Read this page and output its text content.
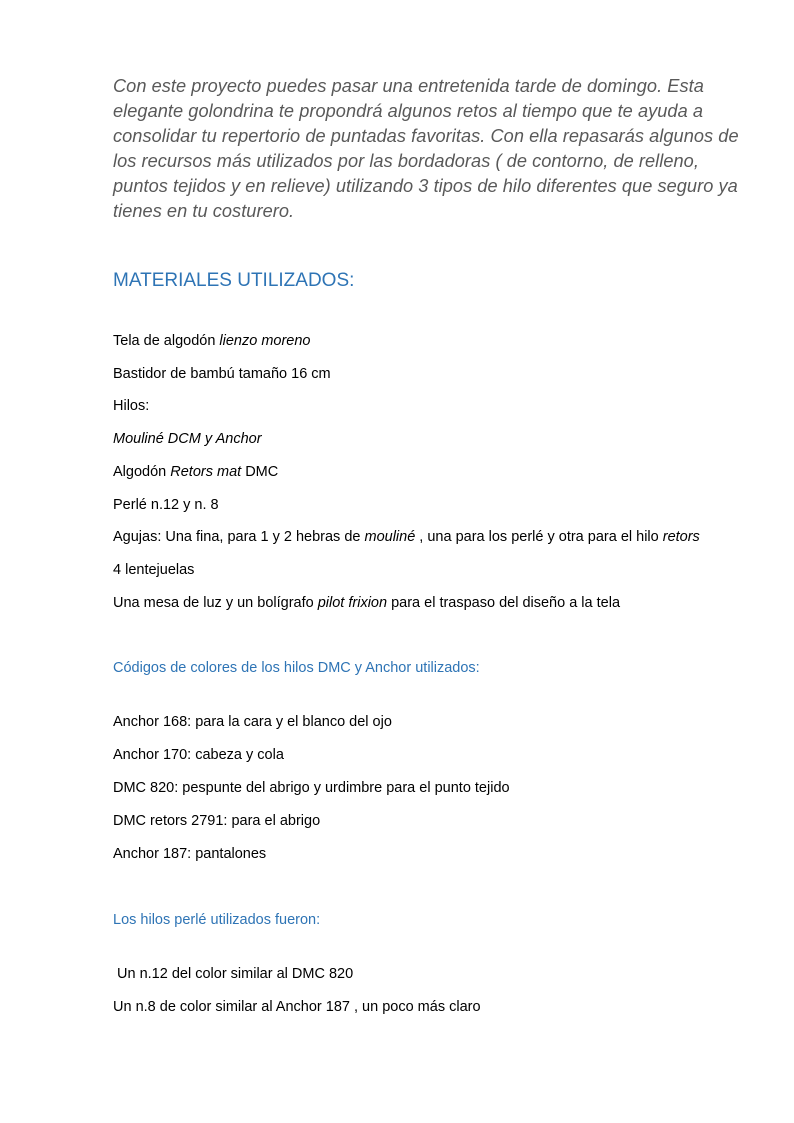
Con este proyecto puedes pasar una entretenida tarde de domingo. Esta elegante golondrina te propondrá algunos retos al tiempo que te ayuda a consolidar tu repertorio de puntadas favoritas. Con ella repasarás algunos de los recursos más utilizados por las bordadoras ( de contorno, de relleno, puntos tejidos y en relieve) utilizando 3 tipos de hilo diferentes que seguro ya tienes en tu costurero.

MATERIALES UTILIZADOS:

Tela de algodón lienzo moreno

Bastidor de bambú tamaño 16 cm

Hilos:

Mouliné DCM y Anchor

Algodón Retors mat DMC

Perlé n.12 y n. 8

Agujas: Una fina, para 1 y 2 hebras de mouliné , una para los perlé y otra para el hilo retors

4 lentejuelas

Una mesa de luz y un bolígrafo pilot frixion para el traspaso del diseño a la tela

Códigos de colores de los hilos DMC y Anchor utilizados:

Anchor 168: para la cara y el blanco del ojo

Anchor 170: cabeza y cola

DMC 820: pespunte del abrigo y urdimbre para el punto tejido

DMC retors 2791: para el abrigo

Anchor 187: pantalones

Los hilos perlé utilizados fueron:

Un n.12 del color similar al DMC 820

Un n.8 de color similar al Anchor 187 , un poco más claro
